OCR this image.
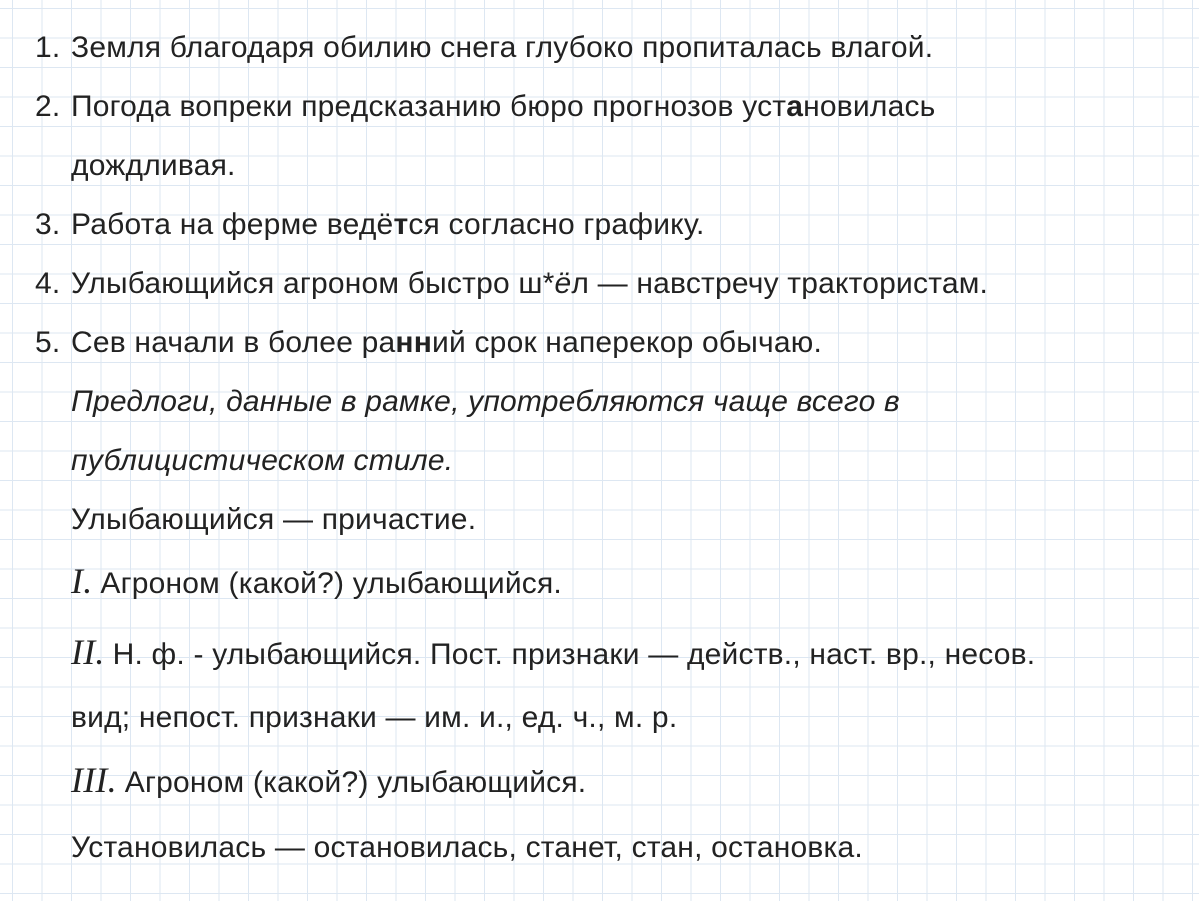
1. Земля благодаря обилию снега глубоко пропиталась влагой.
2. Погода вопреки предсказанию бюро прогнозов установилась
дождливая.
3. Работа на ферме ведётся согласно графику.
4. Улыбающийся агроном быстро ш*ёл — навстречу трактористам.
5. Сев начали в более ранний срок наперекор обычаю.
Предлоги, данные в рамке, употребляются чаще всего в
публицистическом стиле.
Улыбающийся — причастие.
I. Агроном (какой?) улыбающийся.
II. Н. ф. - улыбающийся. Пост. признаки — действ., наст. вр., несов.
вид; непост. признаки — им. и., ед. ч., м. р.
III. Агроном (какой?) улыбающийся.
Установилась — остановилась, станет, стан, остановка.
